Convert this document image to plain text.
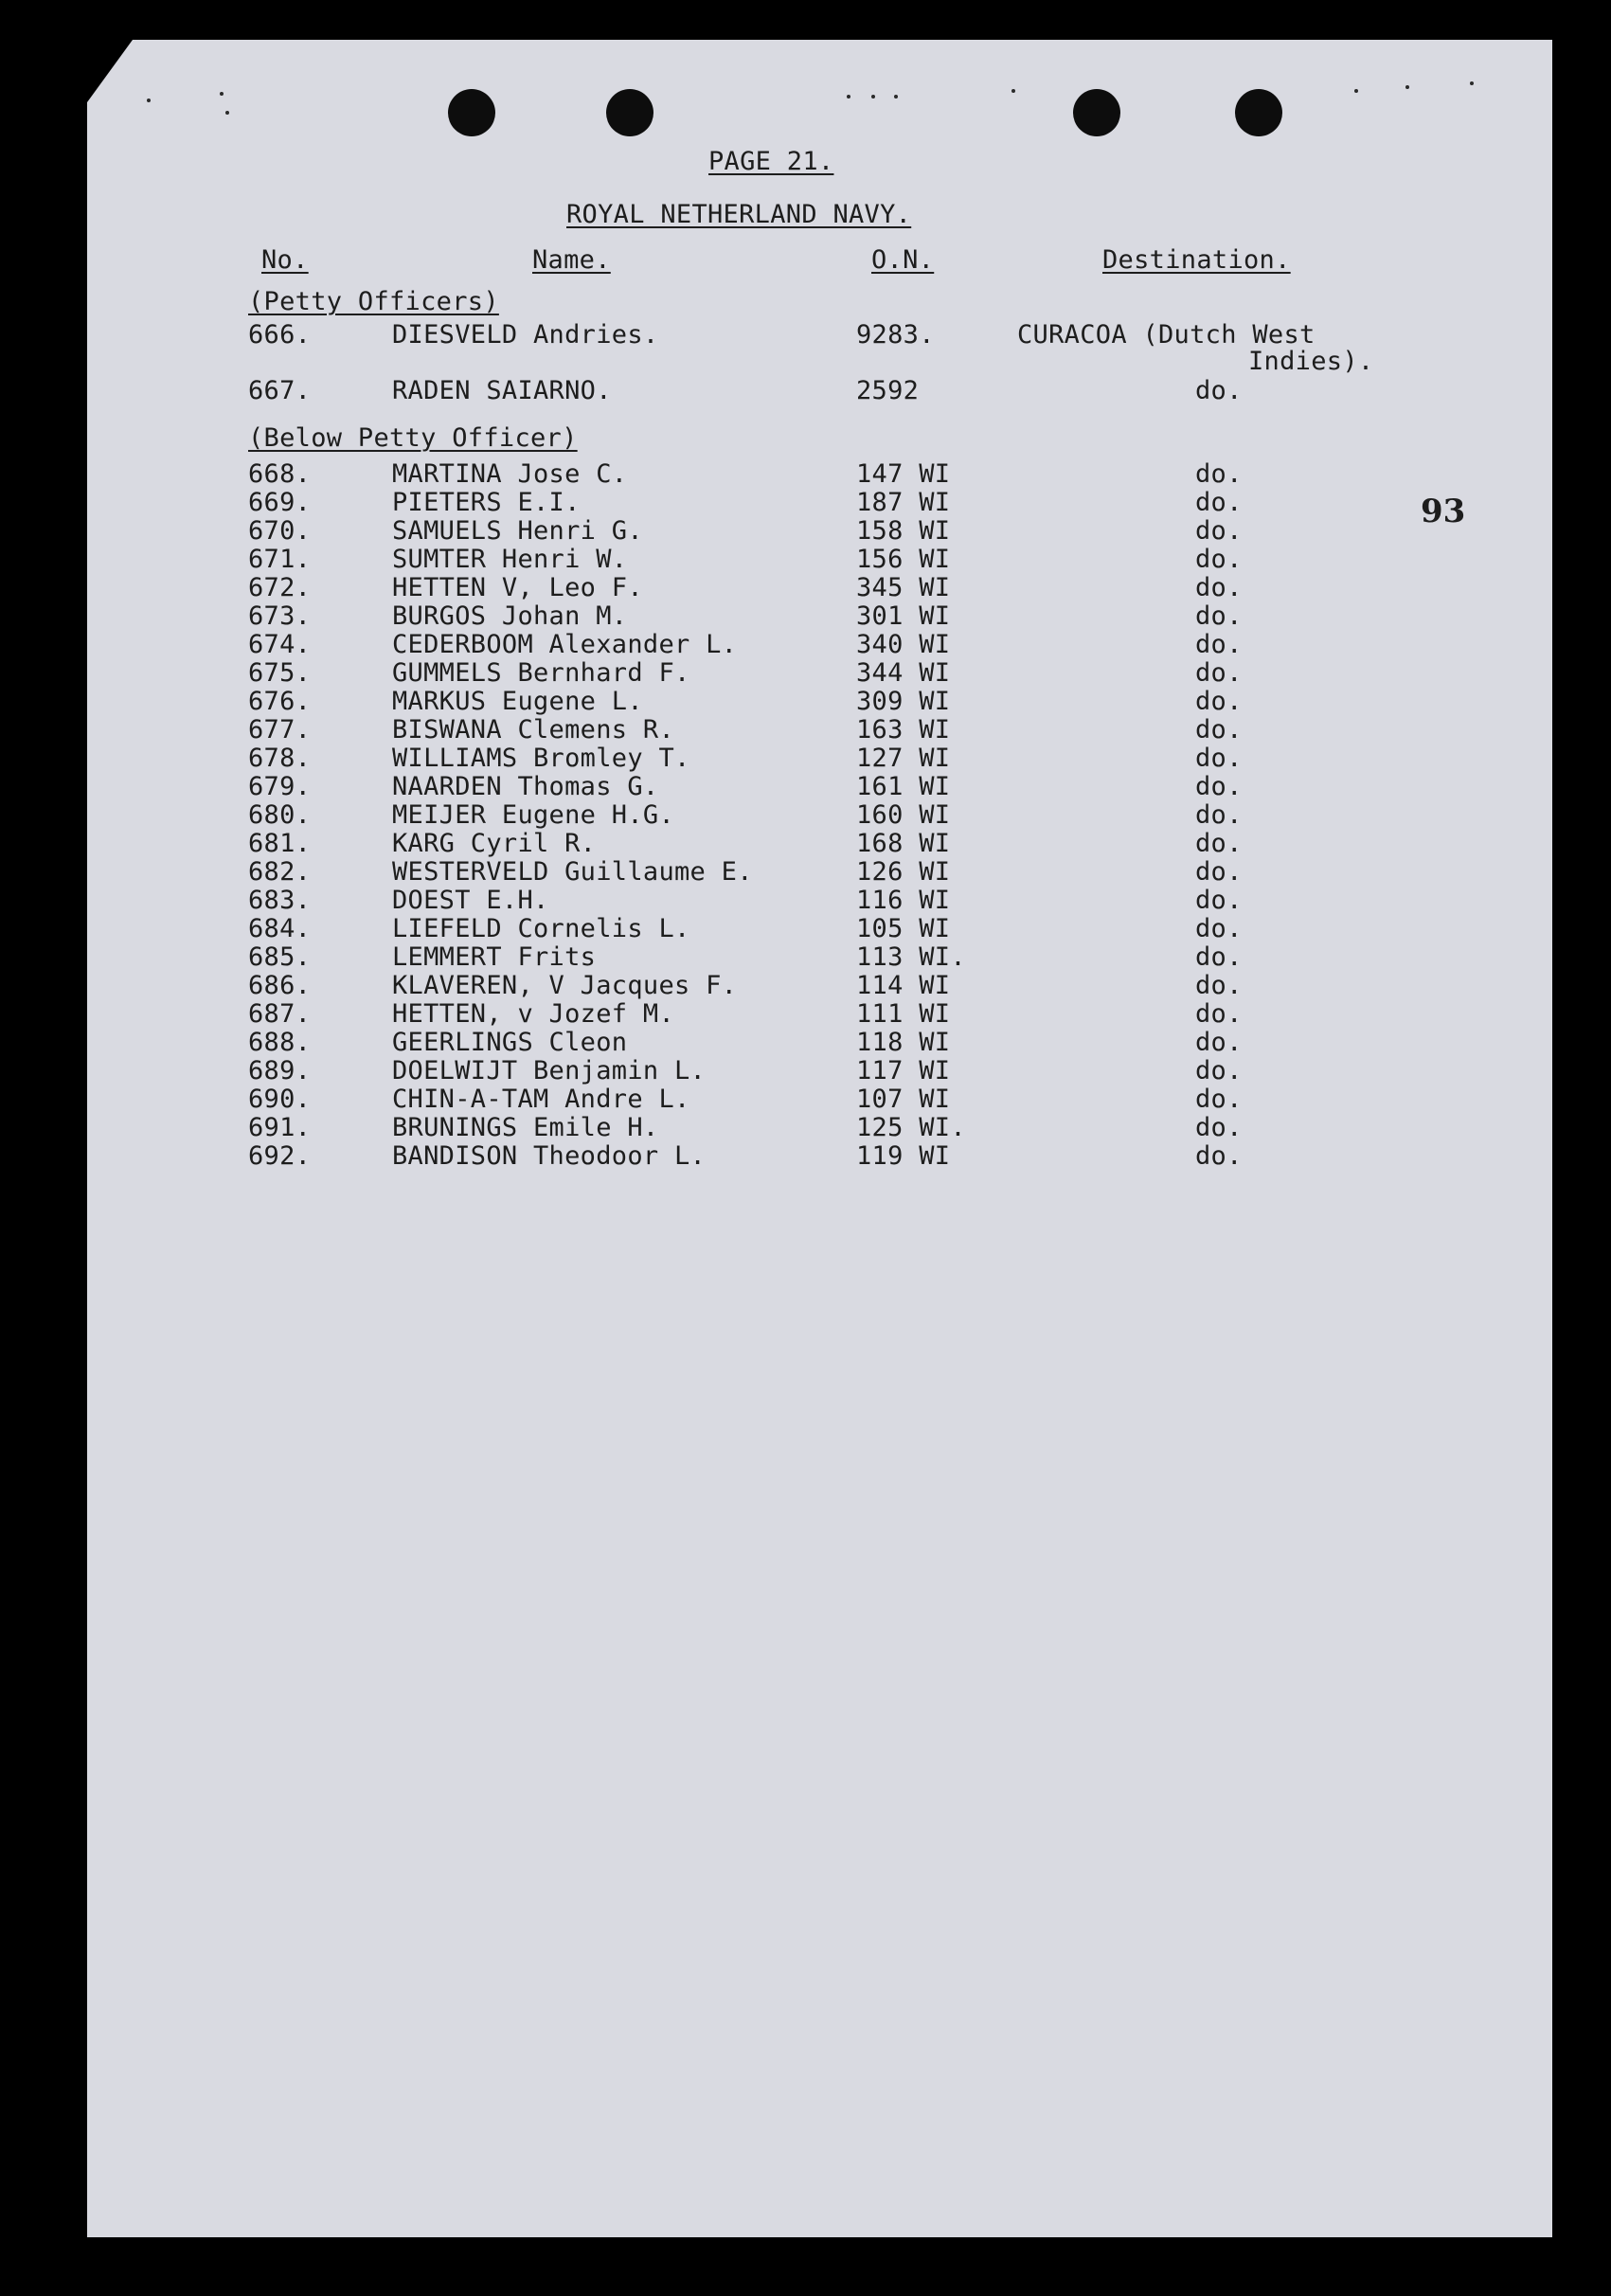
PAGE 21.
ROYAL NETHERLAND NAVY.
No.	Name.	O.N.	Destination.
(Petty Officers)
666.	DIESVELD Andries.	9283.	CURACOA (Dutch West
Indies).
667.	RADEN SAIARNO.	2592	do.
(Below Petty Officer)
668.	MARTINA Jose C.	147 WI	do.
669.	PIETERS E.I.	187 WI	do.
670.	SAMUELS Henri G.	158 WI	do.
671.	SUMTER Henri W.	156 WI	do.
672.	HETTEN V, Leo F.	345 WI	do.
673.	BURGOS Johan M.	301 WI	do.
674.	CEDERBOOM Alexander L.	340 WI	do.
675.	GUMMELS Bernhard F.	344 WI	do.
676.	MARKUS Eugene L.	309 WI	do.
677.	BISWANA Clemens R.	163 WI	do.
678.	WILLIAMS Bromley T.	127 WI	do.
679.	NAARDEN Thomas G.	161 WI	do.
680.	MEIJER Eugene H.G.	160 WI	do.
681.	KARG Cyril R.	168 WI	do.
682.	WESTERVELD Guillaume E.	126 WI	do.
683.	DOEST E.H.	116 WI	do.
684.	LIEFELD Cornelis L.	105 WI	do.
685.	LEMMERT Frits	113 WI.	do.
686.	KLAVEREN, V Jacques F.	114 WI	do.
687.	HETTEN, v Jozef M.	111 WI	do.
688.	GEERLINGS Cleon	118 WI	do.
689.	DOELWIJT Benjamin L.	117 WI	do.
690.	CHIN-A-TAM Andre L.	107 WI	do.
691.	BRUNINGS Emile H.	125 WI.	do.
692.	BANDISON Theodoor L.	119 WI	do.
93
